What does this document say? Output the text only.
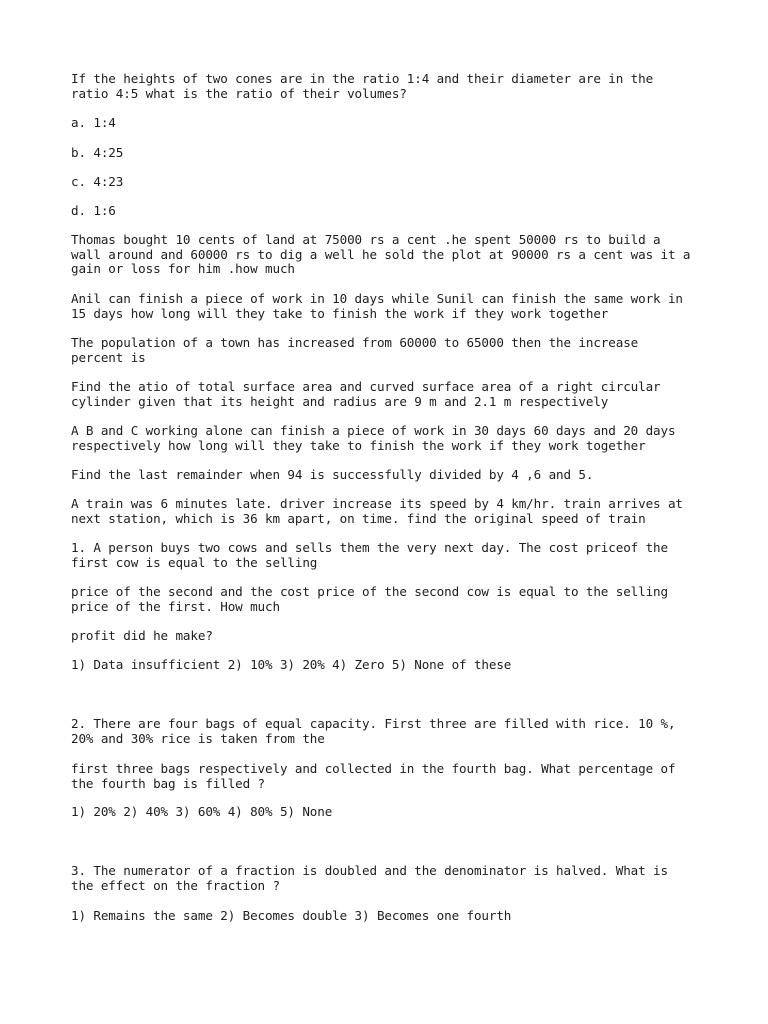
If the heights of two cones are in the ratio 1:4 and their diameter are in the
ratio 4:5 what is the ratio of their volumes?

a. 1:4

b. 4:25

c. 4:23

d. 1:6

Thomas bought 10 cents of land at 75000 rs a cent .he spent 50000 rs to build a
wall around and 60000 rs to dig a well he sold the plot at 90000 rs a cent was it a
gain or loss for him .how much

Anil can finish a piece of work in 10 days while Sunil can finish the same work in
15 days how long will they take to finish the work if they work together

The population of a town has increased from 60000 to 65000 then the increase
percent is

Find the atio of total surface area and curved surface area of a right circular
cylinder given that its height and radius are 9 m and 2.1 m respectively

A B and C working alone can finish a piece of work in 30 days 60 days and 20 days
respectively how long will they take to finish the work if they work together

Find the last remainder when 94 is successfully divided by 4 ,6 and 5.

A train was 6 minutes late. driver increase its speed by 4 km/hr. train arrives at
next station, which is 36 km apart, on time. find the original speed of train

1. A person buys two cows and sells them the very next day. The cost priceof the
first cow is equal to the selling

price of the second and the cost price of the second cow is equal to the selling
price of the first. How much

profit did he make?

1) Data insufficient 2) 10% 3) 20% 4) Zero 5) None of these

2. There are four bags of equal capacity. First three are filled with rice. 10 %,
20% and 30% rice is taken from the

first three bags respectively and collected in the fourth bag. What percentage of
the fourth bag is filled ?

1) 20% 2) 40% 3) 60% 4) 80% 5) None

3. The numerator of a fraction is doubled and the denominator is halved. What is
the effect on the fraction ?

1) Remains the same 2) Becomes double 3) Becomes one fourth
